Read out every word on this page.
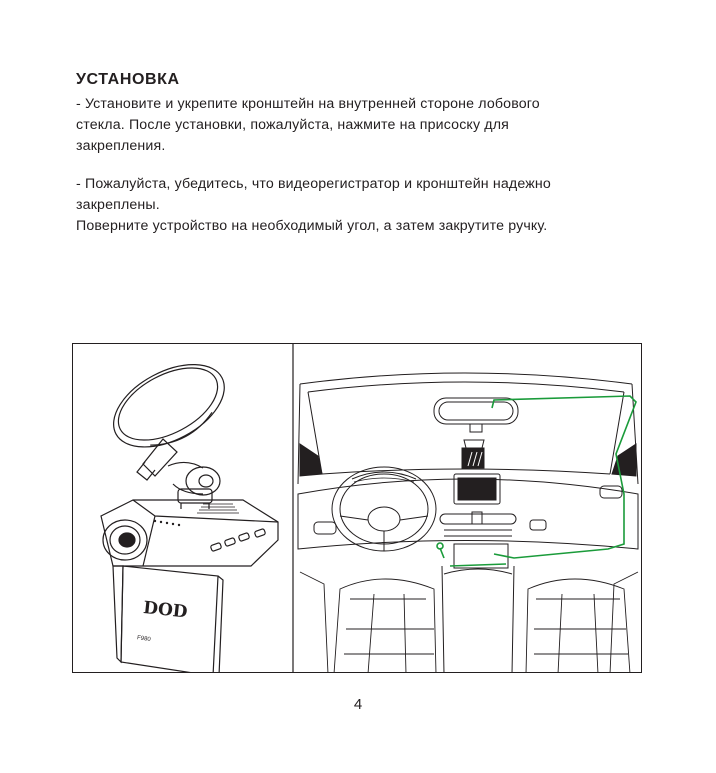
УСТАНОВКА

- Установите и укрепите кронштейн на внутренней стороне лобового
стекла. После установки, пожалуйста, нажмите на присоску для
закрепления.

- Пожалуйста, убедитесь, что видеорегистратор и кронштейн надежно
закреплены.
Поверните устройство на необходимый угол, а затем закрутите ручку.

DOD
F980
4
